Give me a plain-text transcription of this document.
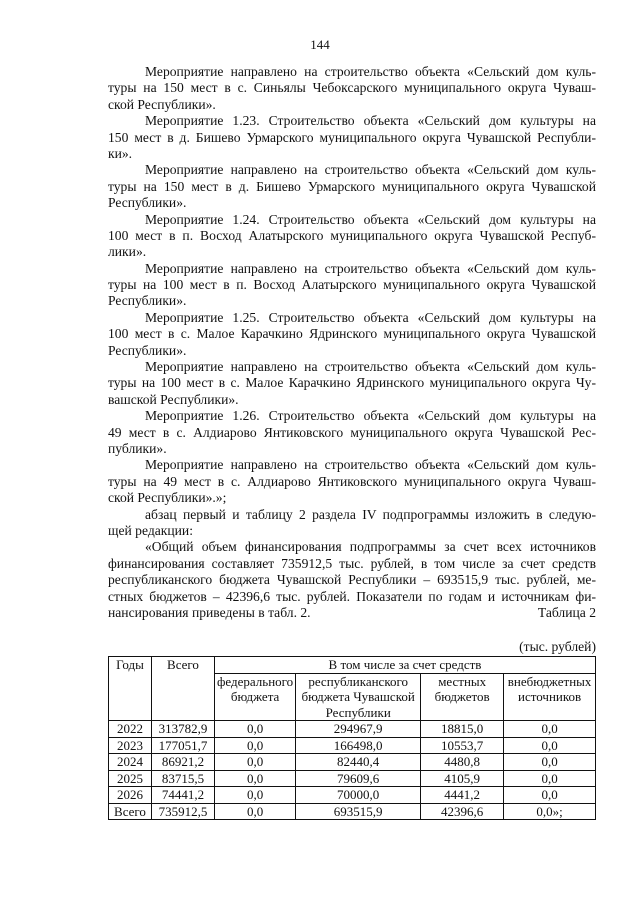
144
Мероприятие направлено на строительство объекта «Сельский дом куль-
туры на 150 мест в с. Синьялы Чебоксарского муниципального округа Чуваш-
ской Республики».
Мероприятие 1.23. Строительство объекта «Сельский дом культуры на
150 мест в д. Бишево Урмарского муниципального округа Чувашской Республи-
ки».
Мероприятие направлено на строительство объекта «Сельский дом куль-
туры на 150 мест в д. Бишево Урмарского муниципального округа Чувашской
Республики».
Мероприятие 1.24. Строительство объекта «Сельский дом культуры на
100 мест в п. Восход Алатырского муниципального округа Чувашской Респуб-
лики».
Мероприятие направлено на строительство объекта «Сельский дом куль-
туры на 100 мест в п. Восход Алатырского муниципального округа Чувашской
Республики».
Мероприятие 1.25. Строительство объекта «Сельский дом культуры на
100 мест в с. Малое Карачкино Ядринского муниципального округа Чувашской
Республики».
Мероприятие направлено на строительство объекта «Сельский дом куль-
туры на 100 мест в с. Малое Карачкино Ядринского муниципального округа Чу-
вашской Республики».
Мероприятие 1.26. Строительство объекта «Сельский дом культуры на
49 мест в с. Алдиарово Янтиковского муниципального округа Чувашской Рес-
публики».
Мероприятие направлено на строительство объекта «Сельский дом куль-
туры на 49 мест в с. Алдиарово Янтиковского муниципального округа Чуваш-
ской Республики».»;
абзац первый и таблицу 2 раздела IV подпрограммы изложить в следую-
щей редакции:
«Общий объем финансирования подпрограммы за счет всех источников
финансирования составляет 735912,5 тыс. рублей, в том числе за счет средств
республиканского бюджета Чувашской Республики – 693515,9 тыс. рублей, ме-
стных бюджетов – 42396,6 тыс. рублей. Показатели по годам и источникам фи-
нансирования приведены в табл. 2.	Таблица 2
(тыс. рублей)
Годы	Всего	В том числе за счет средств			
		федерального бюджета	республиканского бюджета Чувашской Республики	местных бюджетов	внебюджетных источников
2022	313782,9	0,0	294967,9	18815,0	0,0
2023	177051,7	0,0	166498,0	10553,7	0,0
2024	86921,2	0,0	82440,4	4480,8	0,0
2025	83715,5	0,0	79609,6	4105,9	0,0
2026	74441,2	0,0	70000,0	4441,2	0,0
Всего	735912,5	0,0	693515,9	42396,6	0,0»;
